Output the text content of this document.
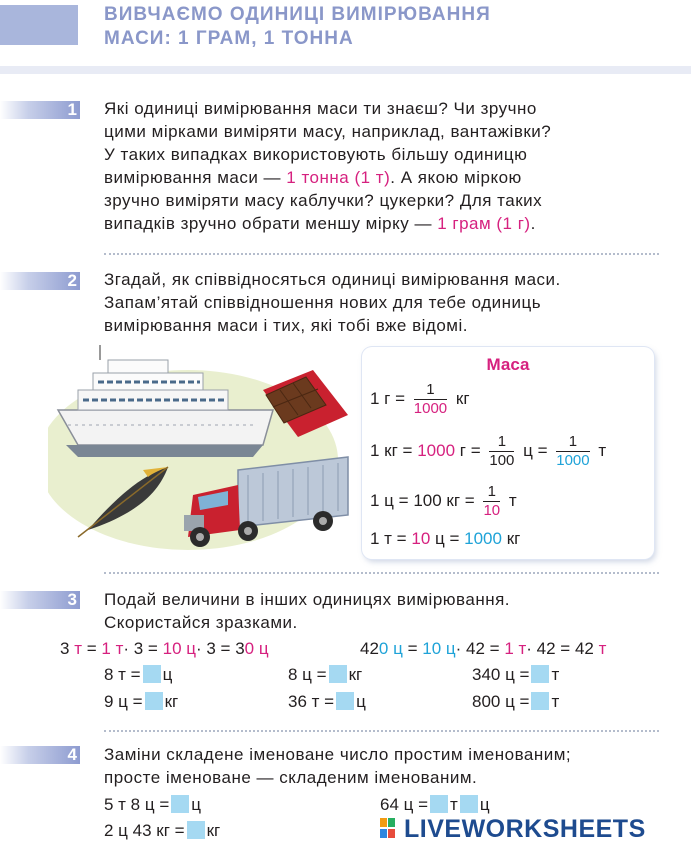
ВИВЧАЄМО ОДИНИЦІ ВИМІРЮВАННЯ
МАСИ: 1 ГРАМ, 1 ТОННА
1 Які одиниці вимірювання маси ти знаєш? Чи зручно
цими мірками виміряти масу, наприклад, вантажівки?
У таких випадках використовують більшу одиницю
вимірювання маси — 1 тонна (1 т). А якою міркою
зручно виміряти масу каблучки? цукерки? Для таких
випадків зручно обрати меншу мірку — 1 грам (1 г).
2 Згадай, як співвідносяться одиниці вимірювання маси.
Запам’ятай співвідношення нових для тебе одиниць
вимірювання маси і тих, які тобі вже відомі.
Маса
1 $г = \frac{1}{1000}$ кг
1 кг = 1000 $г = \frac{1}{100}$ $ц = \frac{1}{1000}$ т
1 ц = 100 кг = $\frac{1}{10}$ т
1 т = 10 ц = 1000 кг
3 Подай величини в інших одиницях вимірювання.
Скористайся зразками.
3 т = 1 т· 3 = 10 ц· 3 = 30 ц	420 ц = 10 ц· 42 = 1 т· 42 = 42 т
8 т = ц	8 ц = кг	340 ц = т
9 ц = кг	36 т = ц	800 ц = т
4 Заміни складене іменоване число простим іменованим;
просте іменоване — складеним іменованим.
5 т 8 ц = ц	64 ц = т ц
2 ц 43 кг = кг	LIVEWORKSHEETS
